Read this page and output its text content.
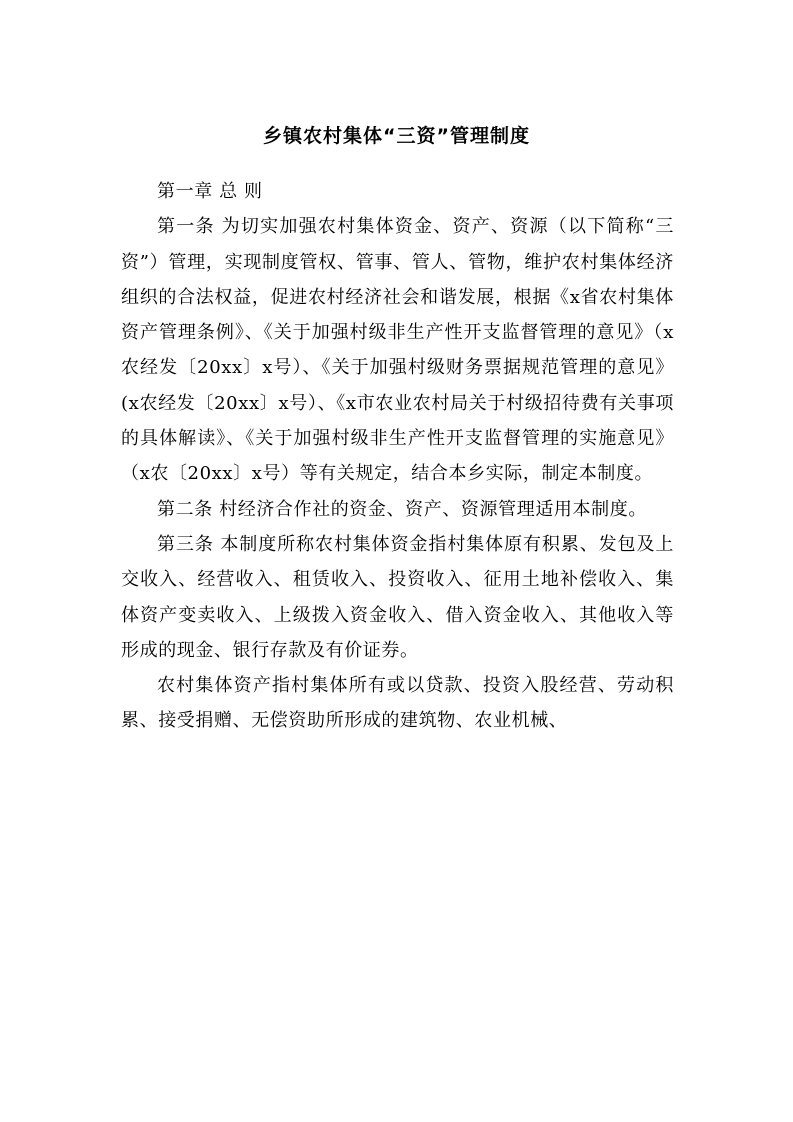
乡镇农村集体“三资”管理制度

第一章 总 则

第一条 为切实加强农村集体资金、资产、资源（以下简称“三资”）管理，实现制度管权、管事、管人、管物，维护农村集体经济组织的合法权益，促进农村经济社会和谐发展，根据《x省农村集体资产管理条例》、《关于加强村级非生产性开支监督管理的意见》（x农经发〔20xx〕x号）、《关于加强村级财务票据规范管理的意见》(x农经发〔20xx〕x号）、《x市农业农村局关于村级招待费有关事项的具体解读》、《关于加强村级非生产性开支监督管理的实施意见》（x农〔20xx〕x号）等有关规定，结合本乡实际，制定本制度。

第二条 村经济合作社的资金、资产、资源管理适用本制度。

第三条 本制度所称农村集体资金指村集体原有积累、发包及上交收入、经营收入、租赁收入、投资收入、征用土地补偿收入、集体资产变卖收入、上级拨入资金收入、借入资金收入、其他收入等形成的现金、银行存款及有价证券。

农村集体资产指村集体所有或以贷款、投资入股经营、劳动积累、接受捐赠、无偿资助所形成的建筑物、农业机械、
